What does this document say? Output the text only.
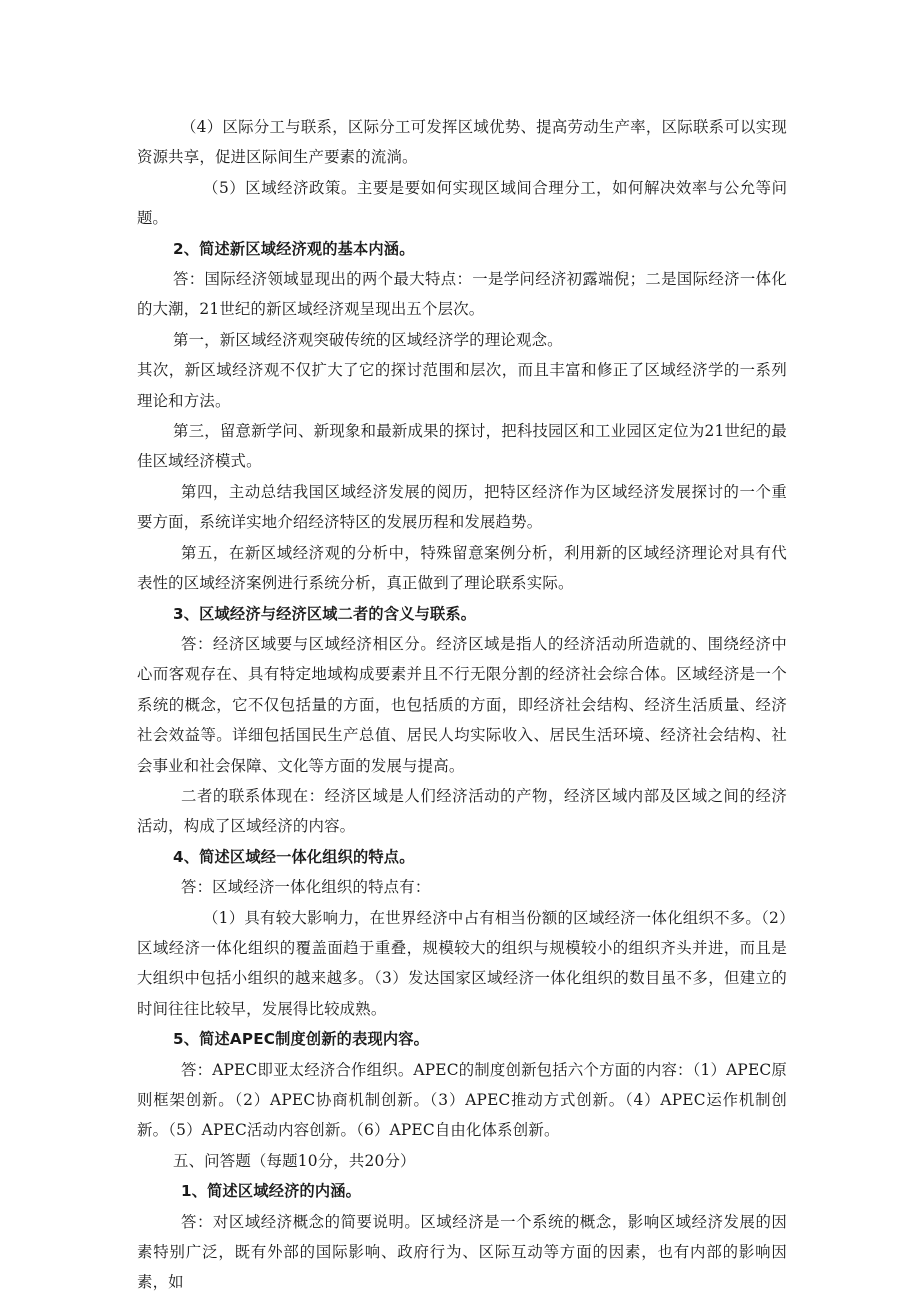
（4）区际分工与联系，区际分工可发挥区域优势、提高劳动生产率，区际联系可以实现资源共享，促进区际间生产要素的流淌。

（5）区域经济政策。主要是要如何实现区域间合理分工，如何解决效率与公允等问题。

2、简述新区域经济观的基本内涵。

答：国际经济领域显现出的两个最大特点：一是学问经济初露端倪；二是国际经济一体化的大潮，21世纪的新区域经济观呈现出五个层次。

第一，新区域经济观突破传统的区域经济学的理论观念。

其次，新区域经济观不仅扩大了它的探讨范围和层次，而且丰富和修正了区域经济学的一系列理论和方法。

第三，留意新学问、新现象和最新成果的探讨，把科技园区和工业园区定位为21世纪的最佳区域经济模式。

第四，主动总结我国区域经济发展的阅历，把特区经济作为区域经济发展探讨的一个重要方面，系统详实地介绍经济特区的发展历程和发展趋势。

第五，在新区域经济观的分析中，特殊留意案例分析，利用新的区域经济理论对具有代表性的区域经济案例进行系统分析，真正做到了理论联系实际。

3、区域经济与经济区域二者的含义与联系。

答：经济区域要与区域经济相区分。经济区域是指人的经济活动所造就的、围绕经济中心而客观存在、具有特定地域构成要素并且不行无限分割的经济社会综合体。区域经济是一个系统的概念，它不仅包括量的方面，也包括质的方面，即经济社会结构、经济生活质量、经济社会效益等。详细包括国民生产总值、居民人均实际收入、居民生活环境、经济社会结构、社会事业和社会保障、文化等方面的发展与提高。

二者的联系体现在：经济区域是人们经济活动的产物，经济区域内部及区域之间的经济活动，构成了区域经济的内容。

4、简述区域经一体化组织的特点。

答：区域经济一体化组织的特点有：

（1）具有较大影响力，在世界经济中占有相当份额的区域经济一体化组织不多。（2）区域经济一体化组织的覆盖面趋于重叠，规模较大的组织与规模较小的组织齐头并进，而且是大组织中包括小组织的越来越多。（3）发达国家区域经济一体化组织的数目虽不多，但建立的时间往往比较早，发展得比较成熟。

5、简述APEC制度创新的表现内容。

答：APEC即亚太经济合作组织。APEC的制度创新包括六个方面的内容：（1）APEC原则框架创新。（2）APEC协商机制创新。（3）APEC推动方式创新。（4）APEC运作机制创新。（5）APEC活动内容创新。（6）APEC自由化体系创新。

五、问答题（每题10分，共20分）

1、简述区域经济的内涵。

答：对区域经济概念的简要说明。区域经济是一个系统的概念，影响区域经济发展的因素特别广泛，既有外部的国际影响、政府行为、区际互动等方面的因素，也有内部的影响因素，如
